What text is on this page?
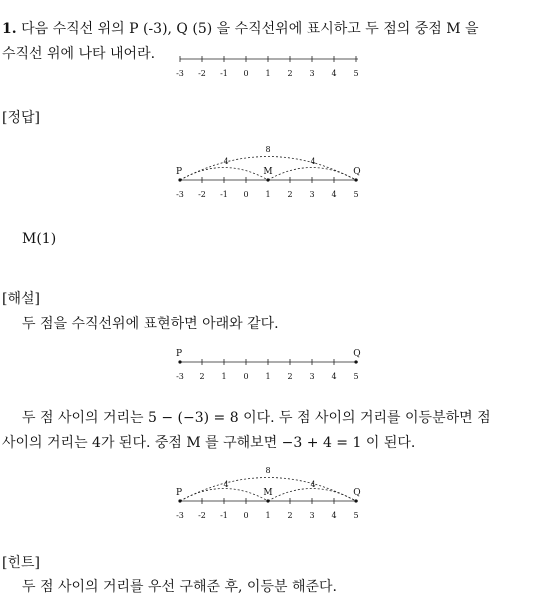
1. 다음 수직선 위의 P (-3), Q (5) 을 수직선위에 표시하고 두 점의 중점 M 을
수직선 위에 나타 내어라.
-3 -2 -1 0 1 2 3 4 5
[정답]
8
4	4
P	M	Q
-3 -2 -1 0 1 2 3 4 5
M(1)
[해설]
두 점을 수직선위에 표현하면 아래와 같다.
P	Q
-3 2 1 0 1 2 3 4 5
두 점 사이의 거리는 5 − (−3) = 8 이다. 두 점 사이의 거리를 이등분하면 점
사이의 거리는 4가 된다. 중점 M 를 구해보면 −3 + 4 = 1 이 된다.
8
4	4
P	M	Q
-3 -2 -1 0 1 2 3 4 5
[힌트]
두 점 사이의 거리를 우선 구해준 후, 이등분 해준다.
